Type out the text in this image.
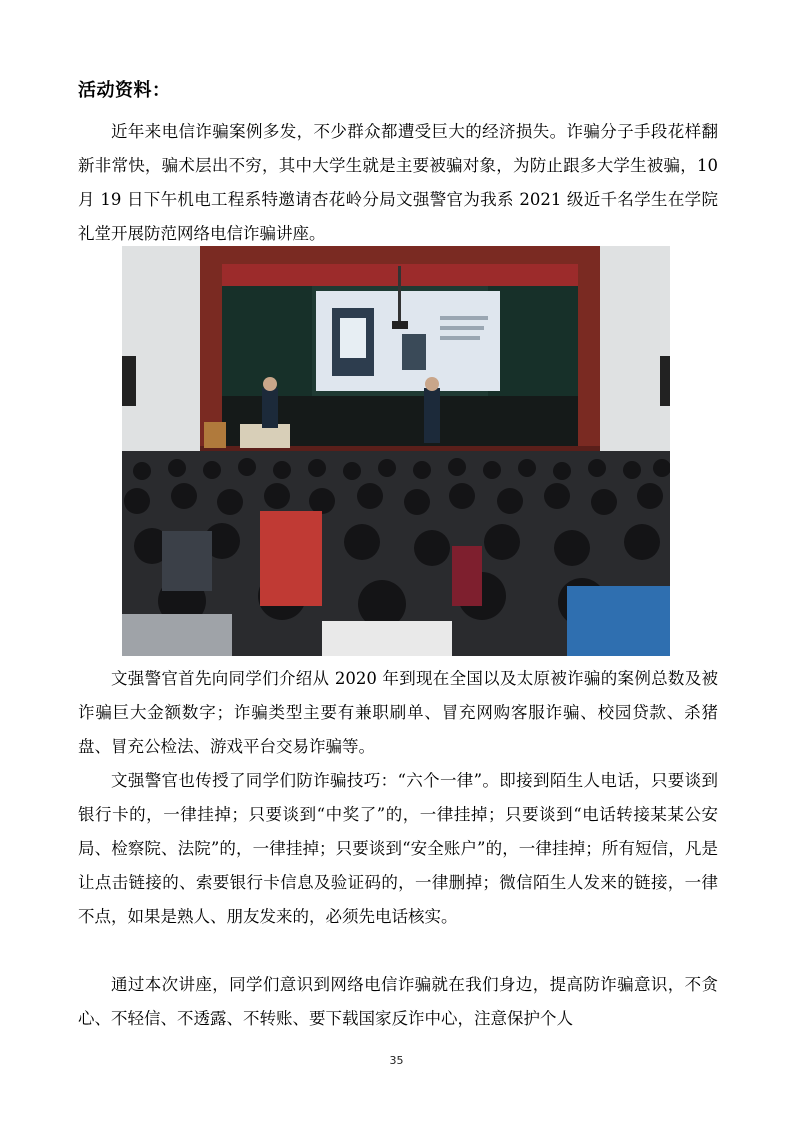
活动资料：

近年来电信诈骗案例多发，不少群众都遭受巨大的经济损失。诈骗分子手段花样翻新非常快，骗术层出不穷，其中大学生就是主要被骗对象，为防止跟多大学生被骗，10 月 19 日下午机电工程系特邀请杏花岭分局文强警官为我系 2021 级近千名学生在学院礼堂开展防范网络电信诈骗讲座。

文强警官首先向同学们介绍从 2020 年到现在全国以及太原被诈骗的案例总数及被诈骗巨大金额数字；诈骗类型主要有兼职刷单、冒充网购客服诈骗、校园贷款、杀猪盘、冒充公检法、游戏平台交易诈骗等。

文强警官也传授了同学们防诈骗技巧：“六个一律”。即接到陌生人电话，只要谈到银行卡的，一律挂掉；只要谈到“中奖了”的，一律挂掉；只要谈到“电话转接某某公安局、检察院、法院”的，一律挂掉；只要谈到“安全账户”的，一律挂掉；所有短信，凡是让点击链接的、索要银行卡信息及验证码的，一律删掉；微信陌生人发来的链接，一律不点，如果是熟人、朋友发来的，必须先电话核实。

通过本次讲座，同学们意识到网络电信诈骗就在我们身边，提高防诈骗意识，不贪心、不轻信、不透露、不转账、要下载国家反诈中心，注意保护个人

35
